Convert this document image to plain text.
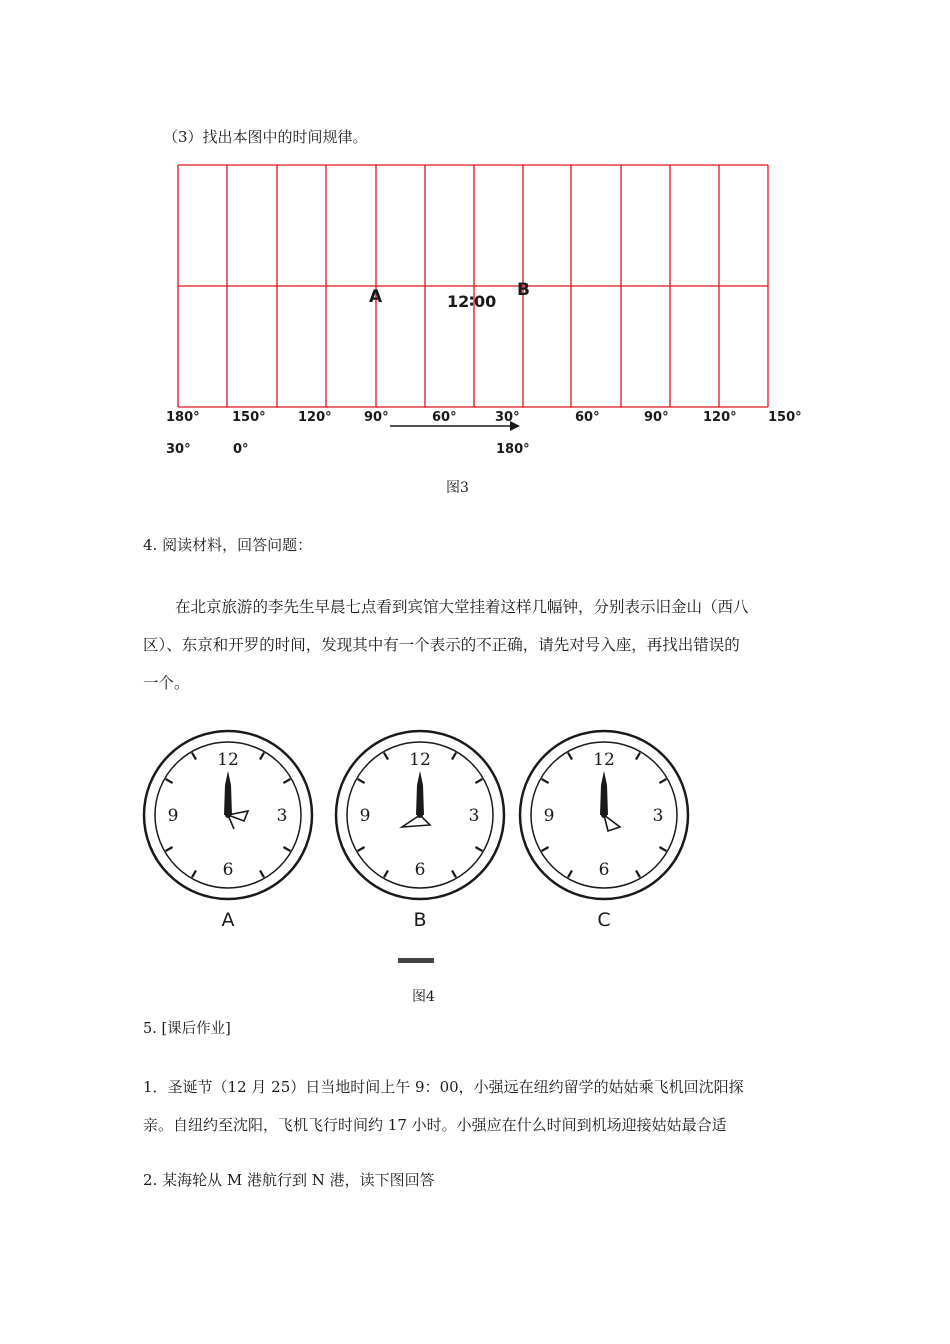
（3）找出本图中的时间规律。
A	B
12∶00
180° 150° 120° 90°	60°	30°	60°	90°	120° 150°
30°	0°	180°
图3
4. 阅读材料，回答问题：
在北京旅游的李先生早晨七点看到宾馆大堂挂着这样几幅钟，分别表示旧金山（西八
区）、东京和开罗的时间，发现其中有一个表示的不正确，请先对号入座，再找出错误的
一个。
12
3
6
9
A
12
3
6
9
B
12
3
6
9
C
图4
5. [课后作业]
1．圣诞节（12 月 25）日当地时间上午 9：00，小强远在纽约留学的姑姑乘飞机回沈阳探
亲。自纽约至沈阳，飞机飞行时间约 17 小时。小强应在什么时间到机场迎接姑姑最合适
2. 某海轮从 M 港航行到 N 港，读下图回答
